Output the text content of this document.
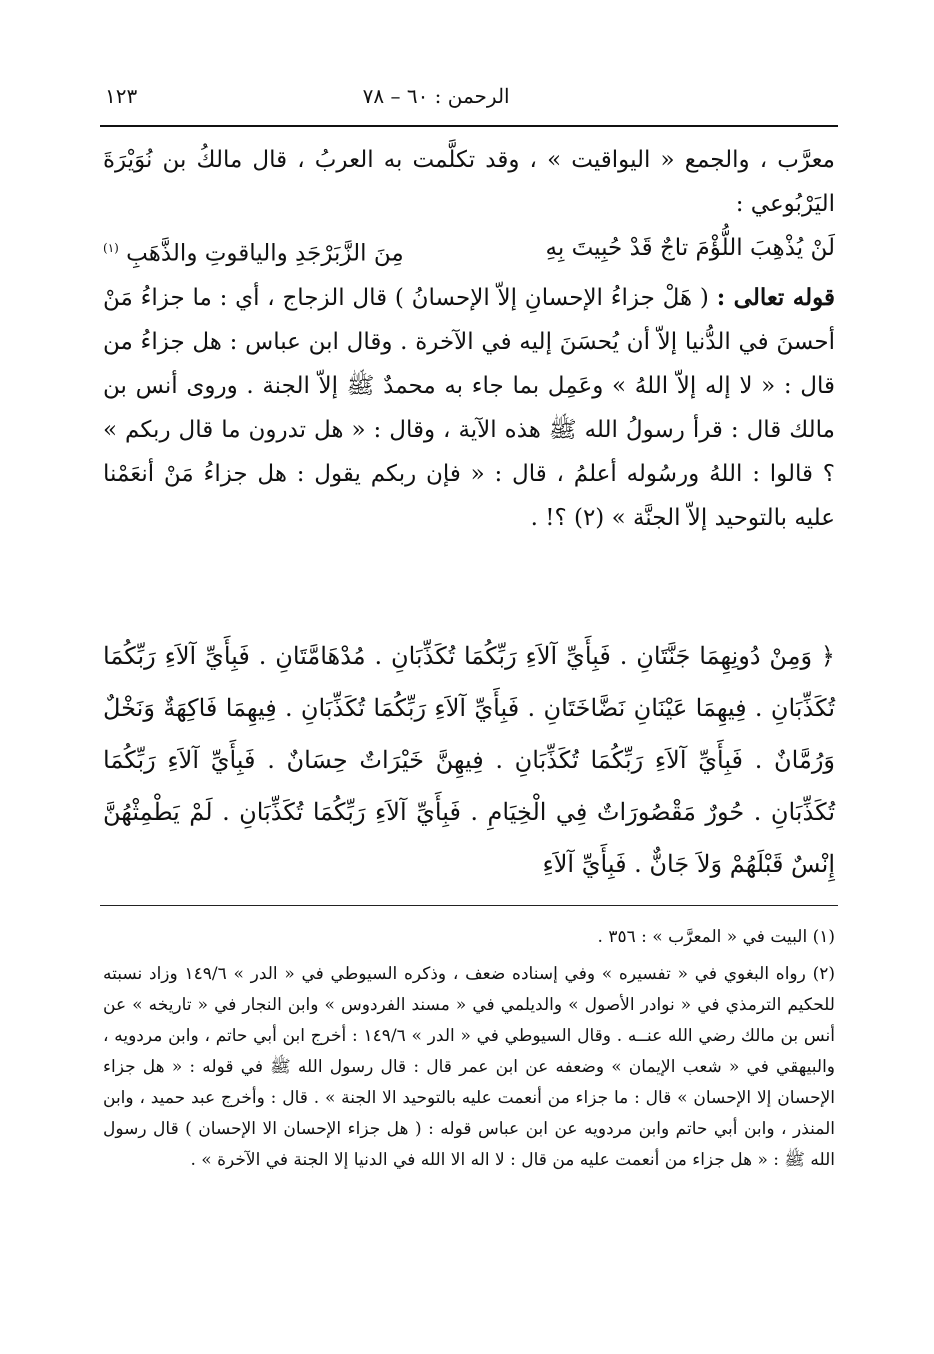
الرحمن : ٦٠ – ٧٨
١٢٣

معرَّب ، والجمع « اليواقيت » ، وقد تكلَّمت به العربُ ، قال مالكُ بن نُوَيْرَةَ اليَرْبُوعي :

لَنْ يُذْهِبَ اللُّؤْمَ تاجٌ قَدْ حُبِيتَ بِهِ
مِنَ الزَّبَرْجَدِ والياقوتِ والذَّهَبِ $^{(١)}$

قوله تعالى : ( هَلْ جزاءُ الإحسانِ إلاّ الإحسانُ ) قال الزجاج ، أي : ما جزاءُ مَنْ أحسنَ في الدُّنيا إلاّ أن يُحسَنَ إليه في الآخرة . وقال ابن عباس : هل جزاءُ من قال : « لا إله إلاّ اللهُ » وعَمِل بما جاء به محمدٌ ﷺ إلاّ الجنة . وروى أنس بن مالك قال : قرأ رسولُ الله ﷺ هذه الآية ، وقال : « هل تدرون ما قال ربكم » ؟ قالوا : اللهُ ورسُوله أعلمُ ، قال : « فإن ربكم يقول : هل جزاءُ مَنْ أنعَمْنا عليه بالتوحيد إلاّ الجنَّة » (٢) ؟! .

﴿ وَمِنْ دُونِهِمَا جَنَّتَانِ . فَبِأَيِّ آلاَءِ رَبِّكُمَا تُكَذِّبَانِ . مُدْهَامَّتَانِ . فَبِأَيِّ آلاَءِ رَبِّكُمَا تُكَذِّبَانِ . فِيهِمَا عَيْنَانِ نَضَّاخَتَانِ . فَبِأَيِّ آلاَءِ رَبِّكُمَا تُكَذِّبَانِ . فِيهِمَا فَاكِهَةٌ وَنَخْلٌ وَرُمَّانٌ . فَبِأَيِّ آلاَءِ رَبِّكُمَا تُكَذِّبَانِ . فِيهِنَّ خَيْرَاتٌ حِسَانٌ . فَبِأَيِّ آلاَءِ رَبِّكُمَا تُكَذِّبَانِ . حُورٌ مَقْصُورَاتٌ فِي الْخِيَامِ . فَبِأَيِّ آلاَءِ رَبِّكُمَا تُكَذِّبَانِ . لَمْ يَطْمِثْهُنَّ إِنْسٌ قَبْلَهُمْ وَلاَ جَانٌّ . فَبِأَيِّ آلاَءِ

(١) البيت في « المعرَّب » : ٣٥٦ .

(٢) رواه البغوي في « تفسيره » وفي إسناده ضعف ، وذكره السيوطي في « الدر » ١٤٩/٦ وزاد نسبته للحكيم الترمذي في « نوادر الأصول » والديلمي في « مسند الفردوس » وابن النجار في « تاريخه » عن أنس بن مالك رضي الله عنــه . وقال السيوطي في « الدر » ١٤٩/٦ : أخرج ابن أبي حاتم ، وابن مردويه ، والبيهقي في « شعب الإيمان » وضعفه عن ابن عمر قال : قال رسول الله ﷺ في قوله : « هل جزاء الإحسان إلا الإحسان » قال : ما جزاء من أنعمت عليه بالتوحيد الا الجنة » . قال : وأخرج عبد حميد ، وابن المنذر ، وابن أبي حاتم وابن مردويه عن ابن عباس قوله : ( هل جزاء الإحسان الا الإحسان ) قال رسول الله ﷺ : « هل جزاء من أنعمت عليه من قال : لا اله الا الله في الدنيا إلا الجنة في الآخرة » .
